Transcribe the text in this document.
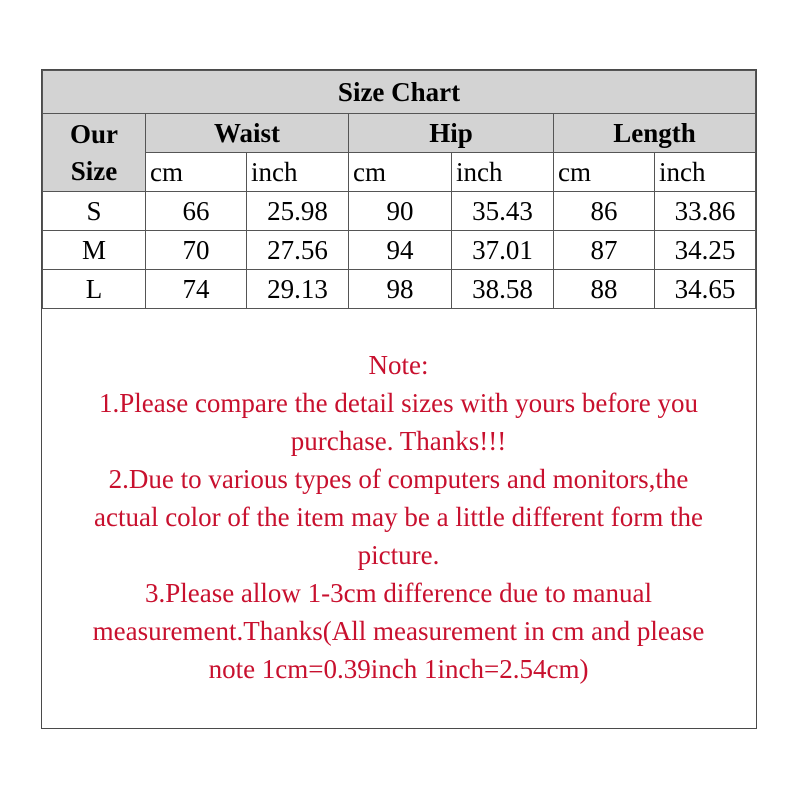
Size Chart						
Our
Size	Waist		Hip		Length	
	cm	inch	cm	inch	cm	inch
S	66	25.98	90	35.43	86	33.86
M	70	27.56	94	37.01	87	34.25
L	74	29.13	98	38.58	88	34.65

Note:

1.Please compare the detail sizes with yours before you

purchase. Thanks!!!

2.Due to various types of computers and monitors,the

actual color of the item may be a little different form the

picture.

3.Please allow 1-3cm difference due to manual

measurement.Thanks(All measurement in cm and please

note 1cm=0.39inch 1inch=2.54cm)
